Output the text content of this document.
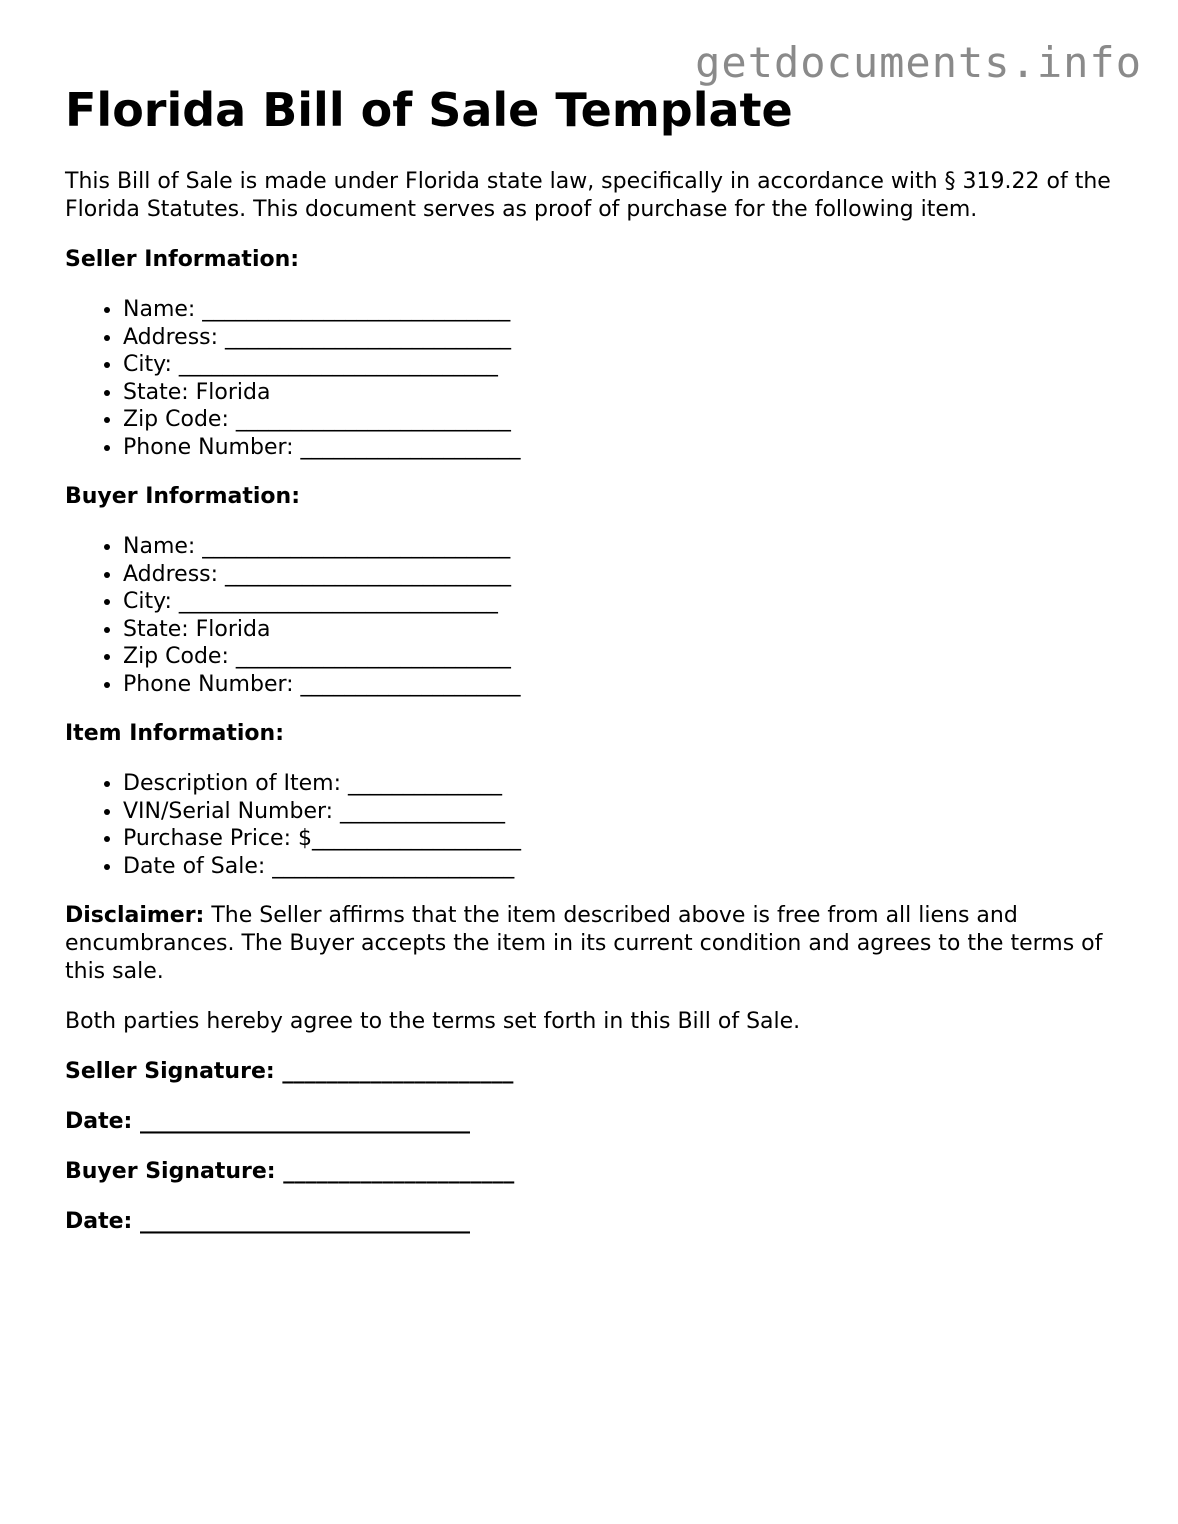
getdocuments.info
Florida Bill of Sale Template

This Bill of Sale is made under Florida state law, specifically in accordance with § 319.22 of the Florida Statutes. This document serves as proof of purchase for the following item.

Seller Information:

• Name: ____________________________
• Address: __________________________
• City: _____________________________
• State: Florida
• Zip Code: _________________________
• Phone Number: ____________________

Buyer Information:

• Name: ____________________________
• Address: __________________________
• City: _____________________________
• State: Florida
• Zip Code: _________________________
• Phone Number: ____________________

Item Information:

• Description of Item: ______________
• VIN/Serial Number: _______________
• Purchase Price: $___________________
• Date of Sale: ______________________

Disclaimer: The Seller affirms that the item described above is free from all liens and encumbrances. The Buyer accepts the item in its current condition and agrees to the terms of this sale.

Both parties hereby agree to the terms set forth in this Bill of Sale.

Seller Signature: _____________________

Date: ______________________________

Buyer Signature: _____________________

Date: ______________________________
